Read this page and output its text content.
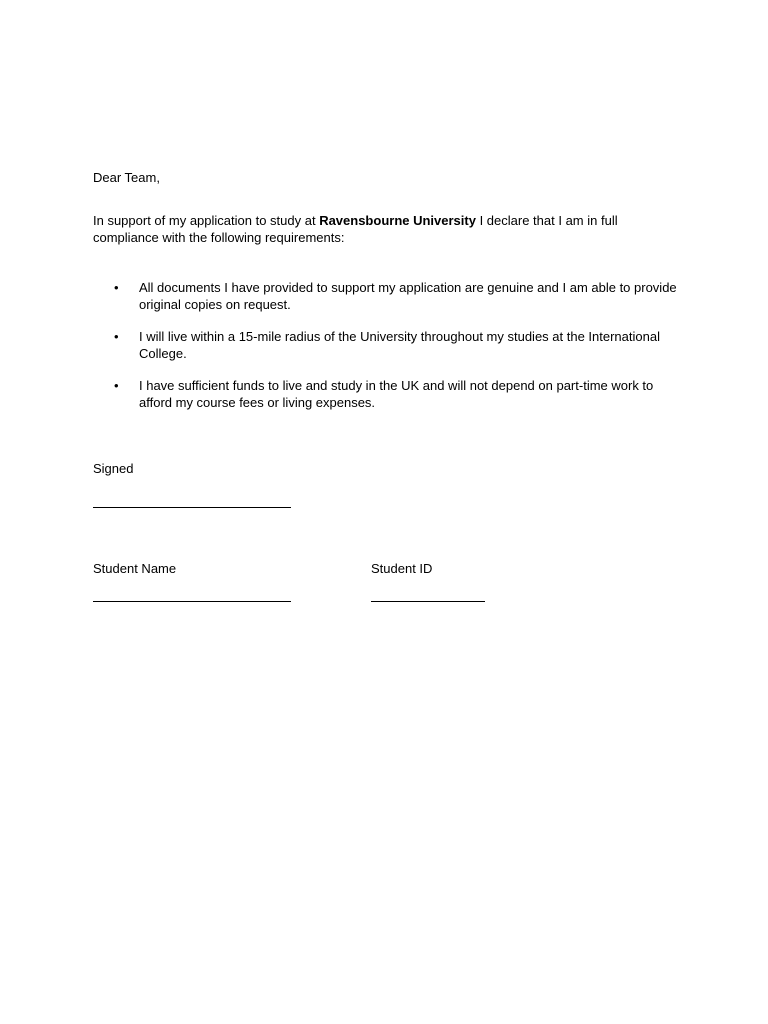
Dear Team,

In support of my application to study at Ravensbourne University I declare that I am in full compliance with the following requirements:

• All documents I have provided to support my application are genuine and I am able to provide original copies on request.
• I will live within a 15-mile radius of the University throughout my studies at the International College.
• I have sufficient funds to live and study in the UK and will not depend on part-time work to afford my course fees or living expenses.
Signed
Student Name	Student ID
